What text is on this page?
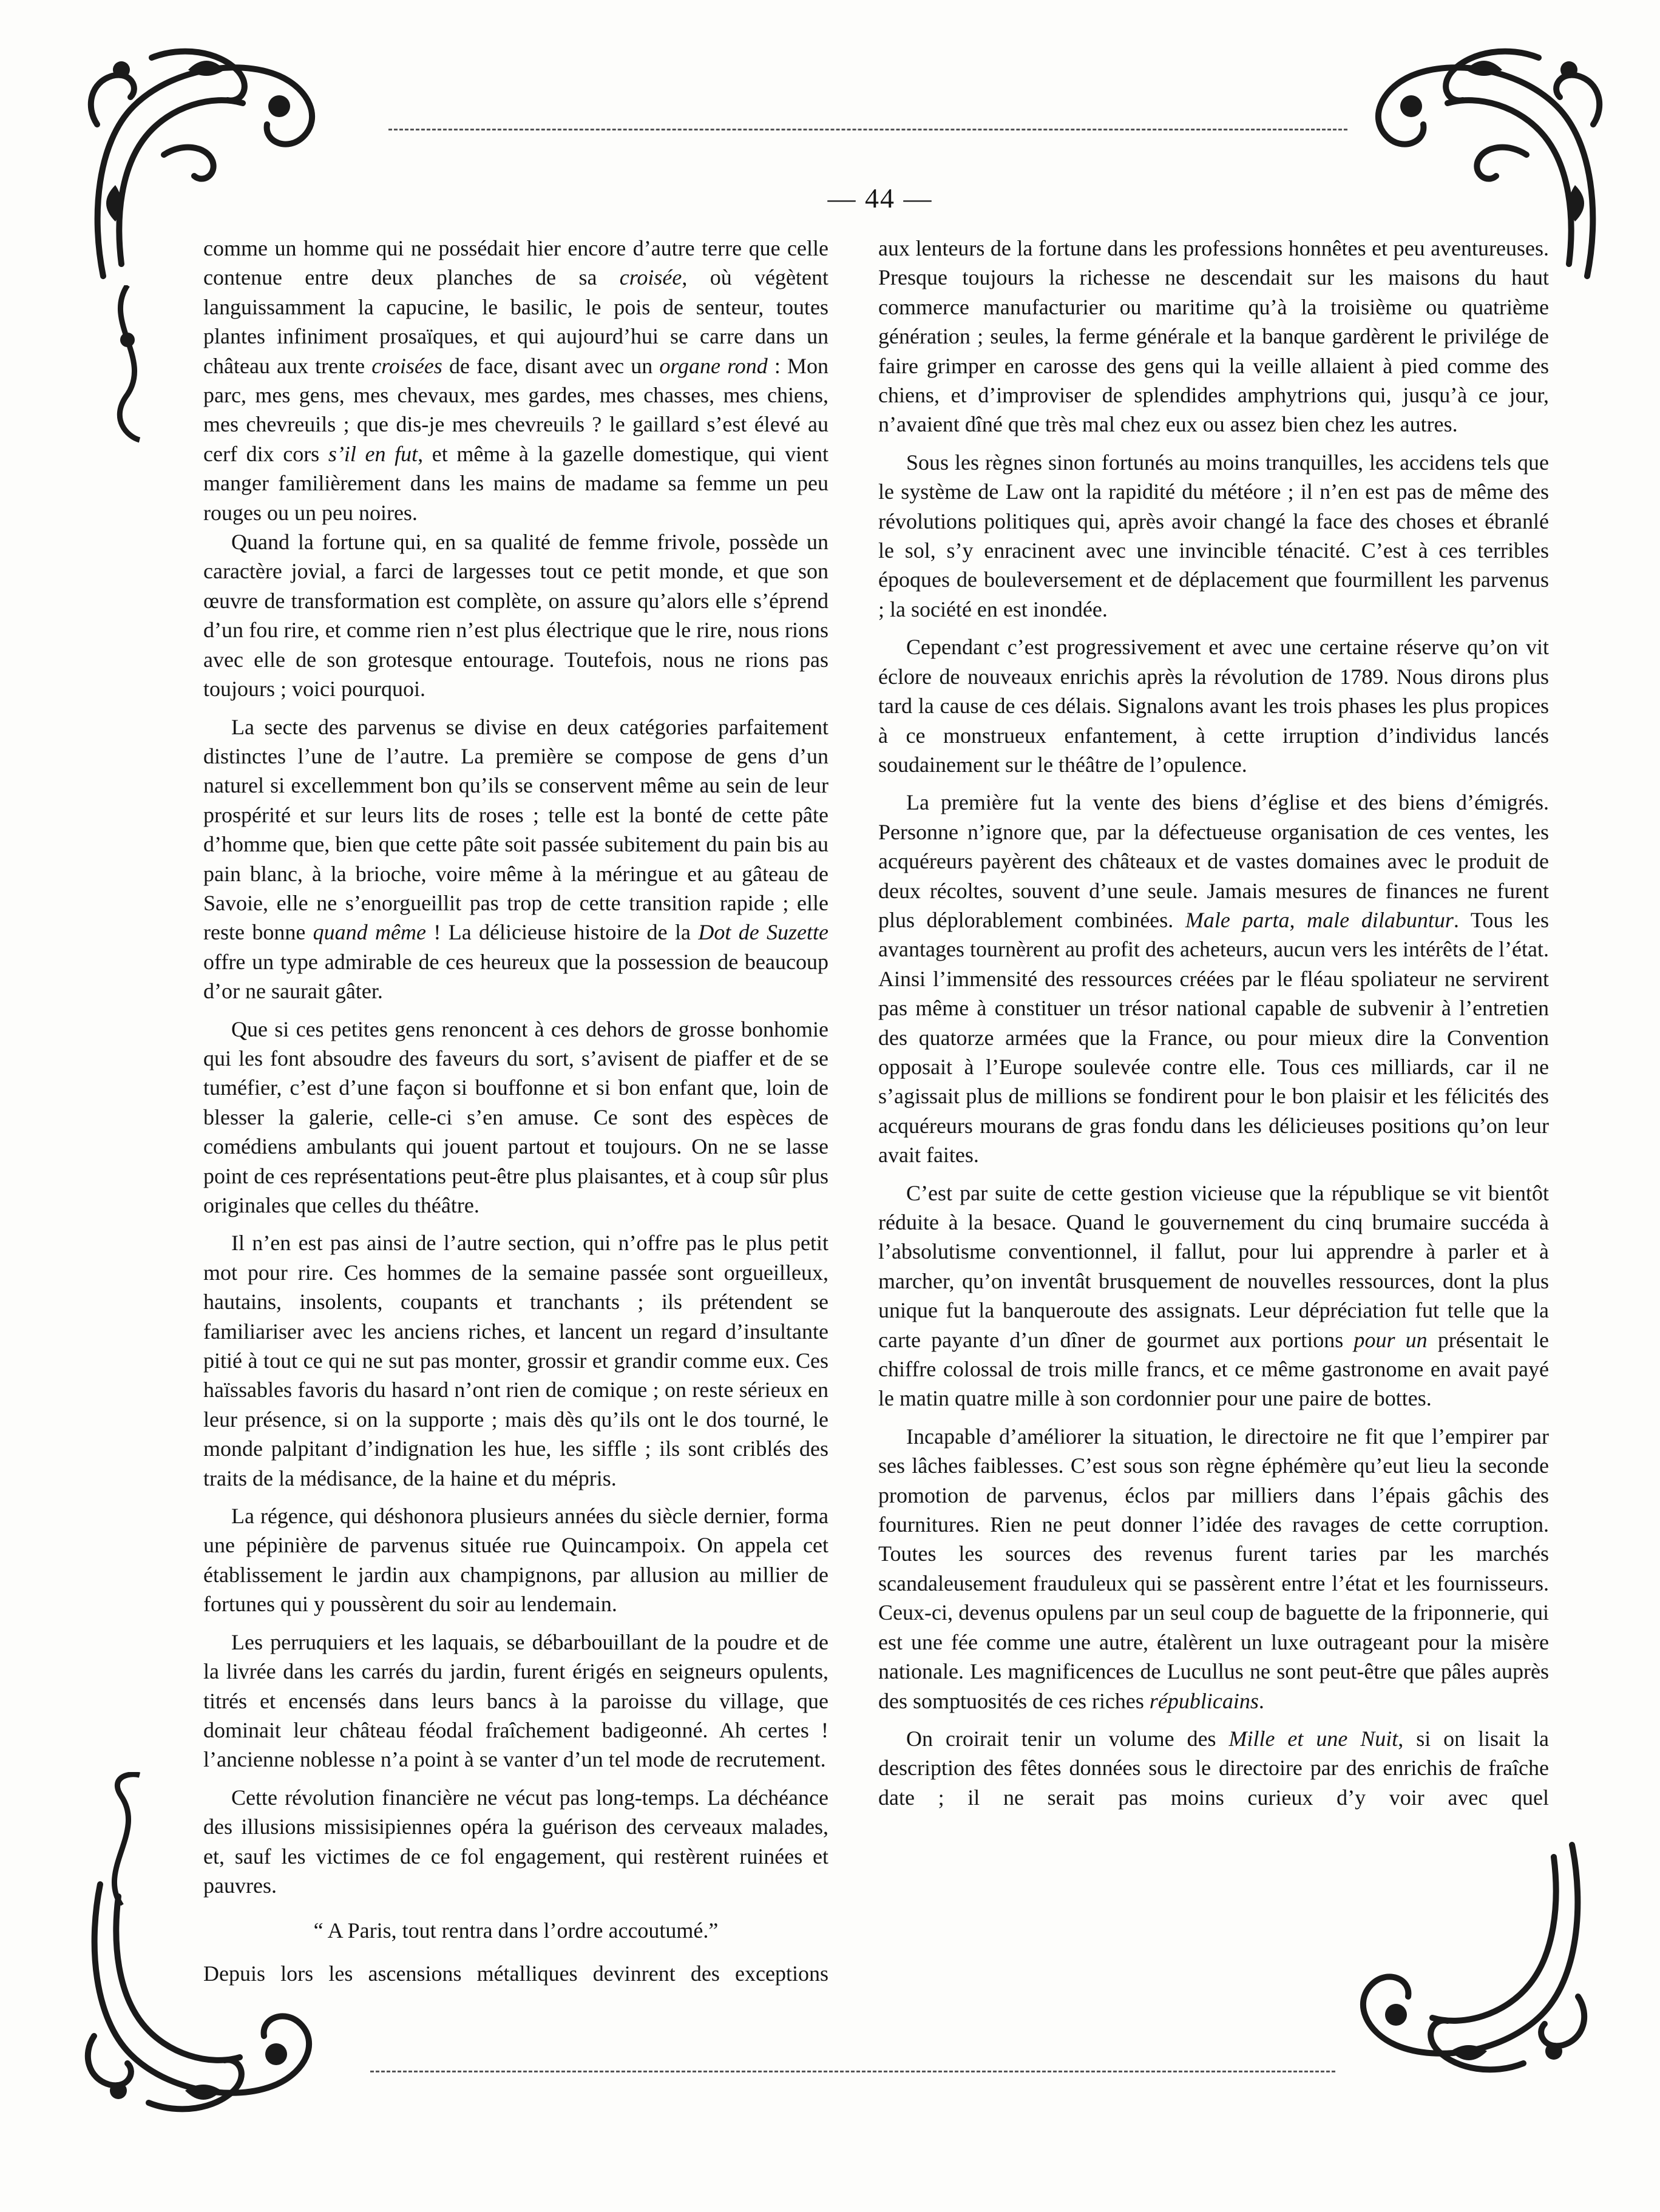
— 44 —

comme un homme qui ne possédait hier encore d’autre terre que celle contenue entre deux planches de sa croisée, où végètent languissamment la capucine, le basilic, le pois de senteur, toutes plantes infiniment prosaïques, et qui aujourd’hui se carre dans un château aux trente croisées de face, disant avec un organe rond : Mon parc, mes gens, mes chevaux, mes gardes, mes chasses, mes chiens, mes chevreuils ; que dis-je mes chevreuils ? le gaillard s’est élevé au cerf dix cors s’il en fut, et même à la gazelle domestique, qui vient manger familièrement dans les mains de madame sa femme un peu rouges ou un peu noires.

Quand la fortune qui, en sa qualité de femme frivole, possède un caractère jovial, a farci de largesses tout ce petit monde, et que son œuvre de transformation est complète, on assure qu’alors elle s’éprend d’un fou rire, et comme rien n’est plus électrique que le rire, nous rions avec elle de son grotesque entourage. Toutefois, nous ne rions pas toujours ; voici pourquoi.

La secte des parvenus se divise en deux catégories parfaitement distinctes l’une de l’autre. La première se compose de gens d’un naturel si excellemment bon qu’ils se conservent même au sein de leur prospérité et sur leurs lits de roses ; telle est la bonté de cette pâte d’homme que, bien que cette pâte soit passée subitement du pain bis au pain blanc, à la brioche, voire même à la méringue et au gâteau de Savoie, elle ne s’enorgueillit pas trop de cette transition rapide ; elle reste bonne quand même ! La délicieuse histoire de la Dot de Suzette offre un type admirable de ces heureux que la possession de beaucoup d’or ne saurait gâter.

Que si ces petites gens renoncent à ces dehors de grosse bonhomie qui les font absoudre des faveurs du sort, s’avisent de piaffer et de se tuméfier, c’est d’une façon si bouffonne et si bon enfant que, loin de blesser la galerie, celle-ci s’en amuse. Ce sont des espèces de comédiens ambulants qui jouent partout et toujours. On ne se lasse point de ces représentations peut-être plus plaisantes, et à coup sûr plus originales que celles du théâtre.

Il n’en est pas ainsi de l’autre section, qui n’offre pas le plus petit mot pour rire. Ces hommes de la semaine passée sont orgueilleux, hautains, insolents, coupants et tranchants ; ils prétendent se familiariser avec les anciens riches, et lancent un regard d’insultante pitié à tout ce qui ne sut pas monter, grossir et grandir comme eux. Ces haïssables favoris du hasard n’ont rien de comique ; on reste sérieux en leur présence, si on la supporte ; mais dès qu’ils ont le dos tourné, le monde palpitant d’indignation les hue, les siffle ; ils sont criblés des traits de la médisance, de la haine et du mépris.

La régence, qui déshonora plusieurs années du siècle dernier, forma une pépinière de parvenus située rue Quincampoix. On appela cet établissement le jardin aux champignons, par allusion au millier de fortunes qui y poussèrent du soir au lendemain.

Les perruquiers et les laquais, se débarbouillant de la poudre et de la livrée dans les carrés du jardin, furent érigés en seigneurs opulents, titrés et encensés dans leurs bancs à la paroisse du village, que dominait leur château féodal fraîchement badigeonné. Ah certes ! l’ancienne noblesse n’a point à se vanter d’un tel mode de recrutement.

Cette révolution financière ne vécut pas long-temps. La déchéance des illusions missisipiennes opéra la guérison des cerveaux malades, et, sauf les victimes de ce fol engagement, qui restèrent ruinées et pauvres.

“ A Paris, tout rentra dans l’ordre accoutumé.”

Depuis lors les ascensions métalliques devinrent des exceptions

aux lenteurs de la fortune dans les professions honnêtes et peu aventureuses. Presque toujours la richesse ne descendait sur les maisons du haut commerce manufacturier ou maritime qu’à la troisième ou quatrième génération ; seules, la ferme générale et la banque gardèrent le privilége de faire grimper en carosse des gens qui la veille allaient à pied comme des chiens, et d’improviser de splendides amphytrions qui, jusqu’à ce jour, n’avaient dîné que très mal chez eux ou assez bien chez les autres.

Sous les règnes sinon fortunés au moins tranquilles, les accidens tels que le système de Law ont la rapidité du météore ; il n’en est pas de même des révolutions politiques qui, après avoir changé la face des choses et ébranlé le sol, s’y enracinent avec une invincible ténacité. C’est à ces terribles époques de bouleversement et de déplacement que fourmillent les parvenus ; la société en est inondée.

Cependant c’est progressivement et avec une certaine réserve qu’on vit éclore de nouveaux enrichis après la révolution de 1789. Nous dirons plus tard la cause de ces délais. Signalons avant les trois phases les plus propices à ce monstrueux enfantement, à cette irruption d’individus lancés soudainement sur le théâtre de l’opulence.

La première fut la vente des biens d’église et des biens d’émigrés. Personne n’ignore que, par la défectueuse organisation de ces ventes, les acquéreurs payèrent des châteaux et de vastes domaines avec le produit de deux récoltes, souvent d’une seule. Jamais mesures de finances ne furent plus déplorablement combinées. Male parta, male dilabuntur. Tous les avantages tournèrent au profit des acheteurs, aucun vers les intérêts de l’état. Ainsi l’immensité des ressources créées par le fléau spoliateur ne servirent pas même à constituer un trésor national capable de subvenir à l’entretien des quatorze armées que la France, ou pour mieux dire la Convention opposait à l’Europe soulevée contre elle. Tous ces milliards, car il ne s’agissait plus de millions se fondirent pour le bon plaisir et les félicités des acquéreurs mourans de gras fondu dans les délicieuses positions qu’on leur avait faites.

C’est par suite de cette gestion vicieuse que la république se vit bientôt réduite à la besace. Quand le gouvernement du cinq brumaire succéda à l’absolutisme conventionnel, il fallut, pour lui apprendre à parler et à marcher, qu’on inventât brusquement de nouvelles ressources, dont la plus unique fut la banqueroute des assignats. Leur dépréciation fut telle que la carte payante d’un dîner de gourmet aux portions pour un présentait le chiffre colossal de trois mille francs, et ce même gastronome en avait payé le matin quatre mille à son cordonnier pour une paire de bottes.

Incapable d’améliorer la situation, le directoire ne fit que l’empirer par ses lâches faiblesses. C’est sous son règne éphémère qu’eut lieu la seconde promotion de parvenus, éclos par milliers dans l’épais gâchis des fournitures. Rien ne peut donner l’idée des ravages de cette corruption. Toutes les sources des revenus furent taries par les marchés scandaleusement frauduleux qui se passèrent entre l’état et les fournisseurs. Ceux-ci, devenus opulens par un seul coup de baguette de la friponnerie, qui est une fée comme une autre, étalèrent un luxe outrageant pour la misère nationale. Les magnificences de Lucullus ne sont peut-être que pâles auprès des somptuosités de ces riches républicains.

On croirait tenir un volume des Mille et une Nuit, si on lisait la description des fêtes données sous le directoire par des enrichis de fraîche date ; il ne serait pas moins curieux d’y voir avec quel
